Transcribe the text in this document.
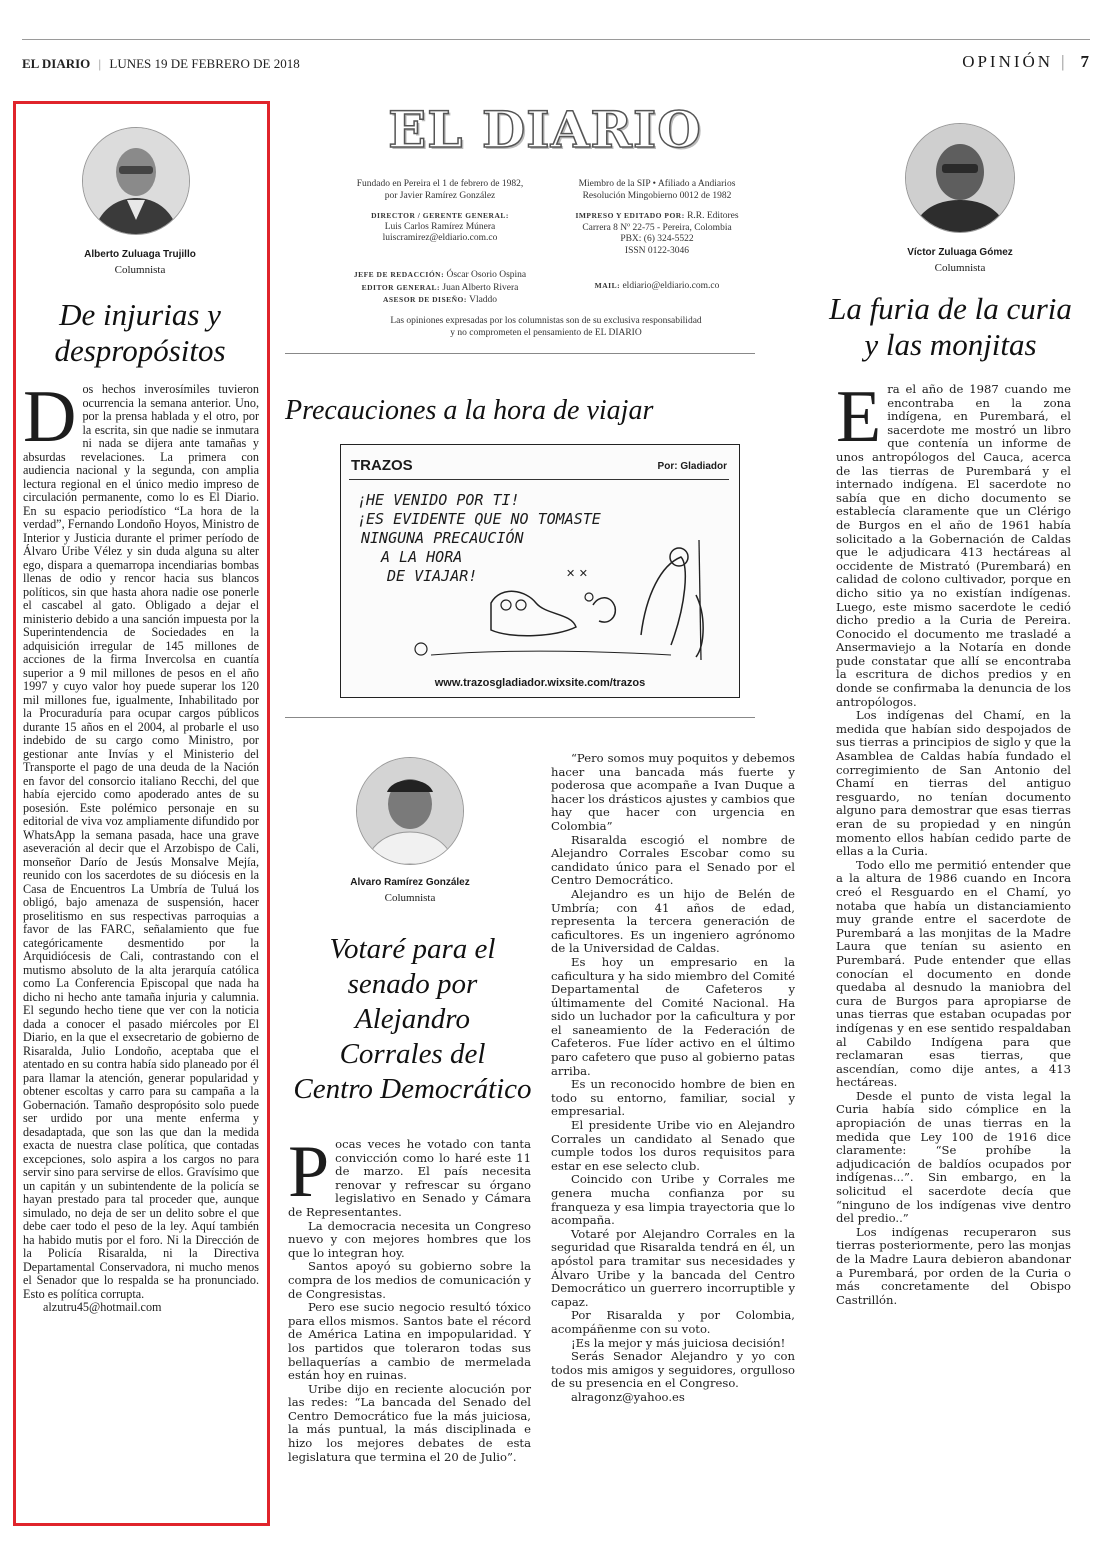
EL DIARIO | LUNES 19 DE FEBRERO DE 2018	OPINIÓN | 7
Alberto Zuluaga Trujillo
Columnista
De injurias y
despropósitos
D os hechos inverosímiles tuvieron ocurrencia la semana anterior. Uno, por la prensa hablada y el otro, por la escrita, sin que nadie se inmutara ni nada se dijera ante tamañas y absurdas revelaciones. La primera con audiencia nacional y la segunda, con amplia lectura regional en el único medio impreso de circulación permanente, como lo es El Diario. En su espacio periodístico “La hora de la verdad”, Fernando Londoño Hoyos, Ministro de Interior y Justicia durante el primer período de Álvaro Uribe Vélez y sin duda alguna su alter ego, dispara a quemarropa incendiarias bombas llenas de odio y rencor hacia sus blancos políticos, sin que hasta ahora nadie ose ponerle el cascabel al gato. Obligado a dejar el ministerio debido a una sanción impuesta por la Superintendencia de Sociedades en la adquisición irregular de 145 millones de acciones de la firma Invercolsa en cuantía superior a 9 mil millones de pesos en el año 1997 y cuyo valor hoy puede superar los 120 mil millones fue, igualmente, Inhabilitado por la Procuraduría para ocupar cargos públicos durante 15 años en el 2004, al probarle el uso indebido de su cargo como Ministro, por gestionar ante Invías y el Ministerio del Transporte el pago de una deuda de la Nación en favor del consorcio italiano Recchi, del que había ejercido como apoderado antes de su posesión. Este polémico personaje en su editorial de viva voz ampliamente difundido por WhatsApp la semana pasada, hace una grave aseveración al decir que el Arzobispo de Cali, monseñor Darío de Jesús Monsalve Mejía, reunido con los sacerdotes de su diócesis en la Casa de Encuentros La Umbría de Tuluá los obligó, bajo amenaza de suspensión, hacer proselitismo en sus respectivas parroquias a favor de las FARC, señalamiento que fue categóricamente desmentido por la Arquidiócesis de Cali, contrastando con el mutismo absoluto de la alta jerarquía católica como La Conferencia Episcopal que nada ha dicho ni hecho ante tamaña injuria y calumnia. El segundo hecho tiene que ver con la noticia dada a conocer el pasado miércoles por El Diario, en la que el exsecretario de gobierno de Risaralda, Julio Londoño, aceptaba que el atentado en su contra había sido planeado por él para llamar la atención, generar popularidad y obtener escoltas y carro para su campaña a la Gobernación. Tamaño despropósito solo puede ser urdido por una mente enferma y desadaptada, que son las que dan la medida exacta de nuestra clase política, que contadas excepciones, solo aspira a los cargos no para servir sino para servirse de ellos. Gravísimo que un capitán y un subintendente de la policía se hayan prestado para tal proceder que, aunque simulado, no deja de ser un delito sobre el que debe caer todo el peso de la ley. Aquí también ha habido mutis por el foro. Ni la Dirección de la Policía Risaralda, ni la Directiva Departamental Conservadora, ni mucho menos el Senador que lo respalda se ha pronunciado. Esto es política corrupta.

alzutru45@hotmail.com

EL DIARIO
Fundado en Pereira el 1 de febrero de 1982,
por Javier Ramírez González
DIRECTOR / GERENTE GENERAL:
Luis Carlos Ramírez Múnera
luiscramirez@eldiario.com.co
Miembro de la SIP • Afiliado a Andiarios
Resolución Mingobierno 0012 de 1982
IMPRESO Y EDITADO POR: R.R. Editores
Carrera 8 Nº 22-75 - Pereira, Colombia
PBX: (6) 324-5522
ISSN 0122-3046
JEFE DE REDACCIÓN: Óscar Osorio Ospina
EDITOR GENERAL: Juan Alberto Rivera
ASESOR DE DISEÑO: Vladdo
MAIL: eldiario@eldiario.com.co
Las opiniones expresadas por los columnistas son de su exclusiva responsabilidad
y no comprometen el pensamiento de EL DIARIO
Precauciones a la hora de viajar
TRAZOS	Por: Gladiador
¡HE VENIDO POR TI!
¡ES EVIDENTE QUE NO TOMASTE
NINGUNA PRECAUCIÓN
A LA HORA
DE VIAJAR!	✕ ✕
www.trazosgladiador.wixsite.com/trazos
Alvaro Ramírez González
Columnista
Votaré para el
senado por
Alejandro
Corrales del
Centro Democrático
P ocas veces he votado con tanta convicción como lo haré este 11 de marzo. El país necesita renovar y refrescar su órgano legislativo en Senado y Cámara de Representantes.

La democracia necesita un Congreso nuevo y con mejores hombres que los que lo integran hoy.

Santos apoyó su gobierno sobre la compra de los medios de comunicación y de Congresistas.

Pero ese sucio negocio resultó tóxico para ellos mismos. Santos bate el récord de América Latina en impopularidad. Y los partidos que toleraron todas sus bellaquerías a cambio de mermelada están hoy en ruinas.

Uribe dijo en reciente alocución por las redes: “La bancada del Senado del Centro Democrático fue la más juiciosa, la más puntual, la más disciplinada e hizo los mejores debates de esta legislatura que termina el 20 de Julio”.

“Pero somos muy poquitos y debemos hacer una bancada más fuerte y poderosa que acompañe a Ivan Duque a hacer los drásticos ajustes y cambios que hay que hacer con urgencia en Colombia”

Risaralda escogió el nombre de Alejandro Corrales Escobar como su candidato único para el Senado por el Centro Democrático.

Alejandro es un hijo de Belén de Umbría; con 41 años de edad, representa la tercera generación de caficultores. Es un ingeniero agrónomo de la Universidad de Caldas.

Es hoy un empresario en la caficultura y ha sido miembro del Comité Departamental de Cafeteros y últimamente del Comité Nacional. Ha sido un luchador por la caficultura y por el saneamiento de la Federación de Cafeteros. Fue líder activo en el último paro cafetero que puso al gobierno patas arriba.

Es un reconocido hombre de bien en todo su entorno, familiar, social y empresarial.

El presidente Uribe vio en Alejandro Corrales un candidato al Senado que cumple todos los duros requisitos para estar en ese selecto club.

Coincido con Uribe y Corrales me genera mucha confianza por su franqueza y esa limpia trayectoria que lo acompaña.

Votaré por Alejandro Corrales en la seguridad que Risaralda tendrá en él, un apóstol para tramitar sus necesidades y Álvaro Uribe y la bancada del Centro Democrático un guerrero incorruptible y capaz.

Por Risaralda y por Colombia, acompáñenme con su voto.

¡Es la mejor y más juiciosa decisión!

Serás Senador Alejandro y yo con todos mis amigos y seguidores, orgulloso de su presencia en el Congreso.

alragonz@yahoo.es

Víctor Zuluaga Gómez
Columnista
La furia de la curia
y las monjitas
E ra el año de 1987 cuando me encontraba en la zona indígena, en Purembará, el sacerdote me mostró un libro que contenía un informe de unos antropólogos del Cauca, acerca de las tierras de Purembará y el internado indígena. El sacerdote no sabía que en dicho documento se establecía claramente que un Clérigo de Burgos en el año de 1961 había solicitado a la Gobernación de Caldas que le adjudicara 413 hectáreas al occidente de Mistrató (Purembará) en calidad de colono cultivador, porque en dicho sitio ya no existían indígenas. Luego, este mismo sacerdote le cedió dicho predio a la Curia de Pereira. Conocido el documento me trasladé a Ansermaviejo a la Notaría en donde pude constatar que allí se encontraba la escritura de dichos predios y en donde se confirmaba la denuncia de los antropólogos.

Los indígenas del Chamí, en la medida que habían sido despojados de sus tierras a principios de siglo y que la Asamblea de Caldas había fundado el corregimiento de San Antonio del Chamí en tierras del antiguo resguardo, no tenían documento alguno para demostrar que esas tierras eran de su propiedad y en ningún momento ellos habían cedido parte de ellas a la Curia.

Todo ello me permitió entender que a la altura de 1986 cuando en Incora creó el Resguardo en el Chamí, yo notaba que había un distanciamiento muy grande entre el sacerdote de Purembará a las monjitas de la Madre Laura que tenían su asiento en Purembará. Pude entender que ellas conocían el documento en donde quedaba al desnudo la maniobra del cura de Burgos para apropiarse de unas tierras que estaban ocupadas por indígenas y en ese sentido respaldaban al Cabildo Indígena para que reclamaran esas tierras, que ascendían, como dije antes, a 413 hectáreas.

Desde el punto de vista legal la Curia había sido cómplice en la apropiación de unas tierras en la medida que Ley 100 de 1916 dice claramente: “Se prohíbe la adjudicación de baldíos ocupados por indígenas...”. Sin embargo, en la solicitud el sacerdote decía que “ninguno de los indígenas vive dentro del predio..”

Los indígenas recuperaron sus tierras posteriormente, pero las monjas de la Madre Laura debieron abandonar a Purembará, por orden de la Curia o más concretamente del Obispo Castrillón.
